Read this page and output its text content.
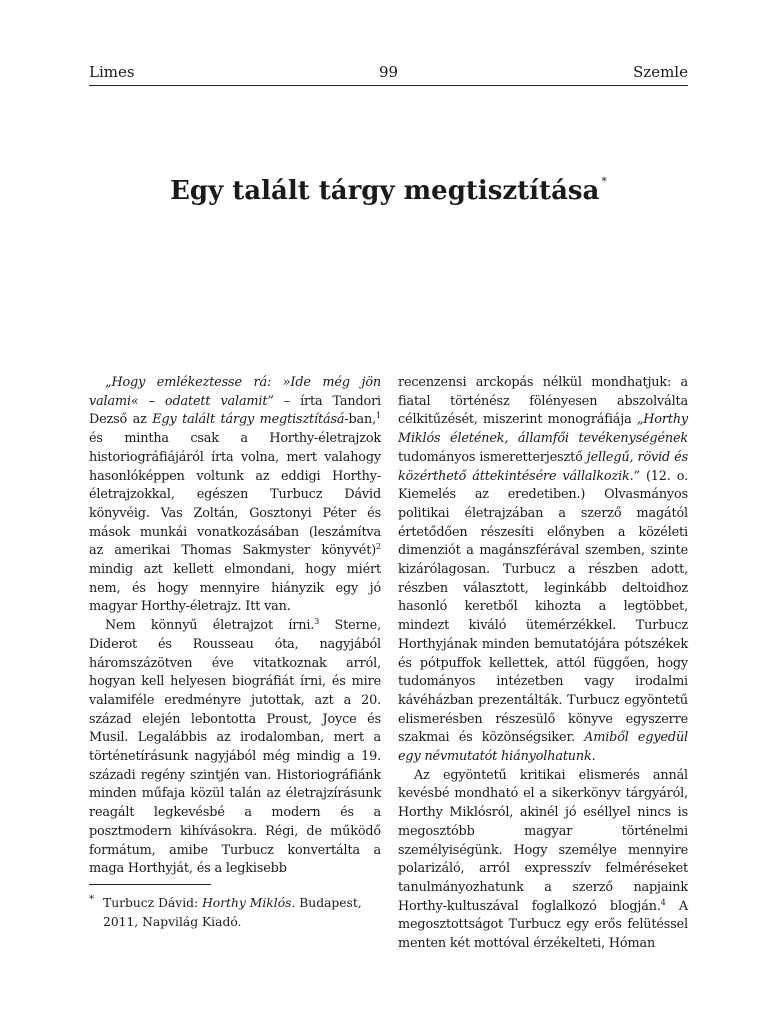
Limes	99	Szemle
Egy talált tárgy megtisztítása *

„Hogy emlékeztesse rá: »Ide még jön valami« – odatett valamit” – írta Tandori Dezső az Egy talált tárgy megtisztításá-ban,$^1$ és mintha csak a Horthy-életrajzok historiográfiájáról írta volna, mert valahogy hasonlóképpen voltunk az eddigi Horthy-életrajzokkal, egészen Turbucz Dávid könyvéig. Vas Zoltán, Gosztonyi Péter és mások munkái vonatkozásában (leszámítva az amerikai Thomas Sakmyster könyvét)$^2$ mindig azt kellett elmondani, hogy miért nem, és hogy mennyire hiányzik egy jó magyar Horthy-életrajz. Itt van.

Nem könnyű életrajzot írni.$^3$ Sterne, Diderot és Rousseau óta, nagyjából háromszázötven éve vitatkoznak arról, hogyan kell helyesen biográfiát írni, és mire valamiféle eredményre jutottak, azt a 20. század elején lebontotta Proust, Joyce és Musil. Legalábbis az irodalomban, mert a történetírásunk nagyjából még mindig a 19. századi regény szintjén van. Historiográfiánk minden műfaja közül talán az életrajzírásunk reagált legkevésbé a modern és a posztmodern kihívásokra. Régi, de működő formátum, amibe Turbucz konvertálta a maga Horthyját, és a legkisebb

recenzensi arckopás nélkül mondhatjuk: a fiatal történész fölényesen abszolválta célkitűzését, miszerint monográfiája „Horthy Miklós életének, államfői tevékenységének tudományos ismeretterjesztő jellegű, rövid és közérthető áttekintésére vállalkozik.” (12. o. Kiemelés az eredetiben.) Olvasmányos politikai életrajzában a szerző magától értetődően részesíti előnyben a közéleti dimenziót a magánszférával szemben, szinte kizárólagosan. Turbucz a részben adott, részben választott, leginkább deltoidhoz hasonló keretből kihozta a legtöbbet, mindezt kiváló ütemérzékkel. Turbucz Horthyjának minden bemutatójára pótszékek és pótpuffok kellettek, attól függően, hogy tudományos intézetben vagy irodalmi kávéházban prezentálták. Turbucz egyöntetű elismerésben részesülő könyve egyszerre szakmai és közönségsiker. Amiből egyedül egy névmutatót hiányolhatunk.

Az egyöntetű kritikai elismerés annál kevésbé mondható el a sikerkönyv tárgyáról, Horthy Miklósról, akinél jó eséllyel nincs is megosztóbb magyar történelmi személyiségünk. Hogy személye mennyire polarizáló, arról expresszív felméréseket tanulmányozhatunk a szerző napjaink Horthy-kultuszával foglalkozó blogján.$^4$ A megosztottságot Turbucz egy erős felütéssel menten két mottóval érzékelteti, Hóman

* Turbucz Dávid: Horthy Miklós. Budapest, 2011, Napvilág Kiadó.
